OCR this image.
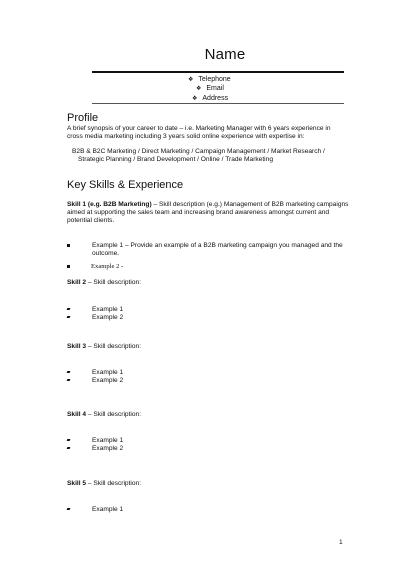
Name
❖ Telephone
❖ Email
❖ Address
Profile
A brief synopsis of your career to date – i.e. Marketing Manager with 6 years experience in
cross media marketing including 3 years solid online experience with expertise in:
B2B & B2C Marketing / Direct Marketing / Campaign Management / Market Research /
Strategic Planning / Brand Development / Online / Trade Marketing
Key Skills & Experience
Skill 1 (e.g. B2B Marketing) – Skill description (e.g.) Management of B2B marketing campaigns
aimed at supporting the sales team and increasing brand awareness amongst current and
potential clients.
Example 1 – Provide an example of a B2B marketing campaign you managed and the
outcome.
Example 2 -
Skill 2 – Skill description:
Example 1
Example 2
Skill 3 – Skill description:
Example 1
Example 2
Skill 4 – Skill description:
Example 1
Example 2
Skill 5 – Skill description:
Example 1
1
